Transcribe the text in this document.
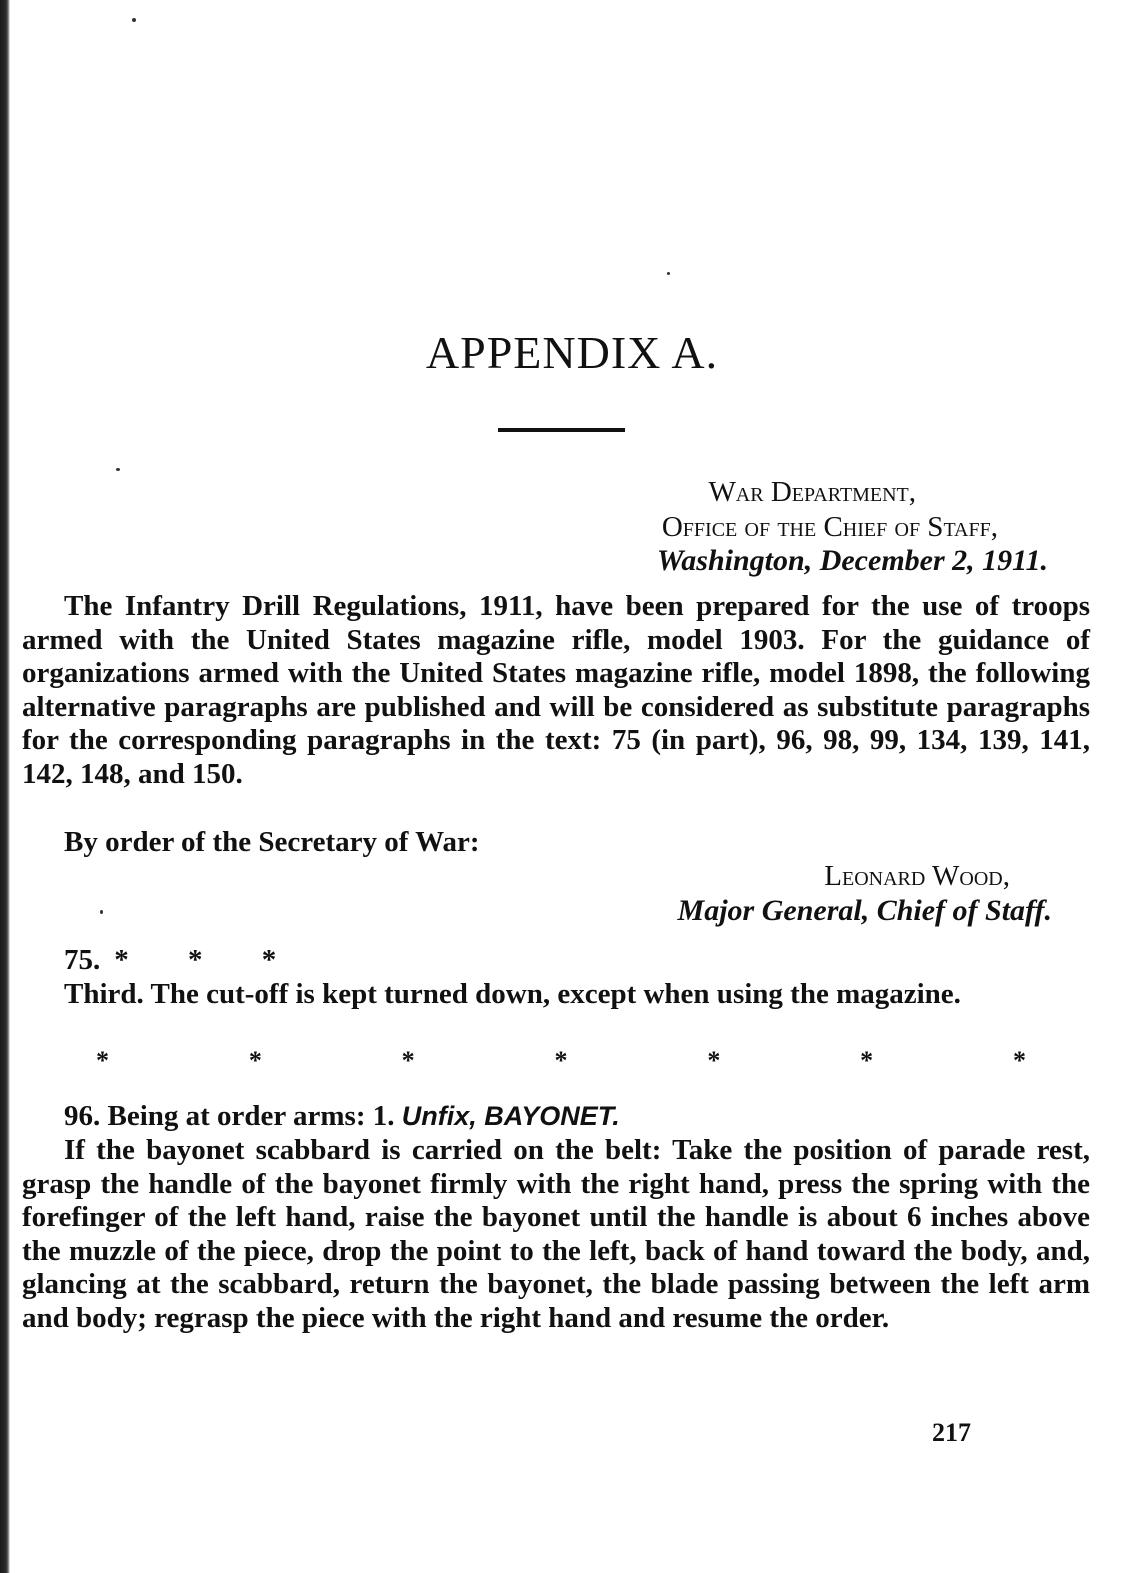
APPENDIX A.

War Department,

Office of the Chief of Staff,

Washington, December 2, 1911.

The Infantry Drill Regulations, 1911, have been prepared for the use of troops armed with the United States magazine rifle, model 1903. For the guidance of organizations armed with the United States magazine rifle, model 1898, the following alternative paragraphs are published and will be considered as substitute paragraphs for the corresponding paragraphs in the text: 75 (in part), 96, 98, 99, 134, 139, 141, 142, 148, and 150.

By order of the Secretary of War:

Leonard Wood,

Major General, Chief of Staff.

75. * * *

Third. The cut-off is kept turned down, except when using the magazine.

*	*	*	*	*	*	*

96. Being at order arms: 1. Unfix, BAYONET.

If the bayonet scabbard is carried on the belt: Take the position of parade rest, grasp the handle of the bayonet firmly with the right hand, press the spring with the forefinger of the left hand, raise the bayonet until the handle is about 6 inches above the muzzle of the piece, drop the point to the left, back of hand toward the body, and, glancing at the scabbard, return the bayonet, the blade passing between the left arm and body; regrasp the piece with the right hand and resume the order.

217
